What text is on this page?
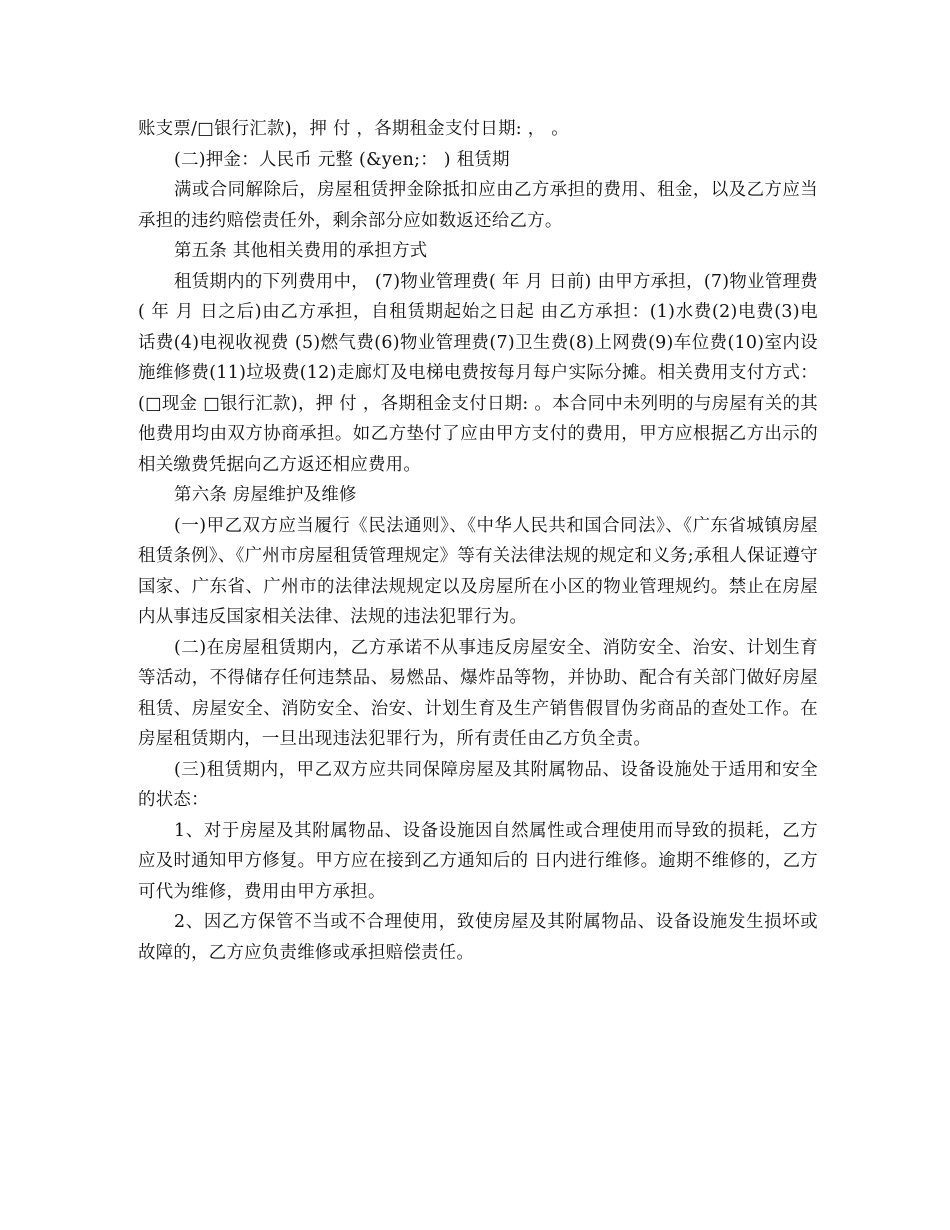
账支票/□银行汇款)，押 付 ，各期租金支付日期: ， 。

(二)押金：人民币 元整 (&yen;： ) 租赁期

满或合同解除后，房屋租赁押金除抵扣应由乙方承担的费用、租金，以及乙方应当承担的违约赔偿责任外，剩余部分应如数返还给乙方。

第五条 其他相关费用的承担方式

租赁期内的下列费用中， (7)物业管理费( 年 月 日前) 由甲方承担，(7)物业管理费( 年 月 日之后)由乙方承担，自租赁期起始之日起 由乙方承担：(1)水费(2)电费(3)电话费(4)电视收视费 (5)燃气费(6)物业管理费(7)卫生费(8)上网费(9)车位费(10)室内设施维修费(11)垃圾费(12)走廊灯及电梯电费按每月每户实际分摊。相关费用支付方式：(□现金 □银行汇款)，押 付 ，各期租金支付日期: 。本合同中未列明的与房屋有关的其他费用均由双方协商承担。如乙方垫付了应由甲方支付的费用，甲方应根据乙方出示的相关缴费凭据向乙方返还相应费用。

第六条 房屋维护及维修

(一)甲乙双方应当履行《民法通则》、《中华人民共和国合同法》、《广东省城镇房屋租赁条例》、《广州市房屋租赁管理规定》等有关法律法规的规定和义务;承租人保证遵守国家、广东省、广州市的法律法规规定以及房屋所在小区的物业管理规约。禁止在房屋内从事违反国家相关法律、法规的违法犯罪行为。

(二)在房屋租赁期内，乙方承诺不从事违反房屋安全、消防安全、治安、计划生育等活动，不得储存任何违禁品、易燃品、爆炸品等物，并协助、配合有关部门做好房屋租赁、房屋安全、消防安全、治安、计划生育及生产销售假冒伪劣商品的查处工作。在房屋租赁期内，一旦出现违法犯罪行为，所有责任由乙方负全责。

(三)租赁期内，甲乙双方应共同保障房屋及其附属物品、设备设施处于适用和安全的状态：

1、对于房屋及其附属物品、设备设施因自然属性或合理使用而导致的损耗，乙方应及时通知甲方修复。甲方应在接到乙方通知后的 日内进行维修。逾期不维修的，乙方可代为维修，费用由甲方承担。

2、因乙方保管不当或不合理使用，致使房屋及其附属物品、设备设施发生损坏或故障的，乙方应负责维修或承担赔偿责任。
